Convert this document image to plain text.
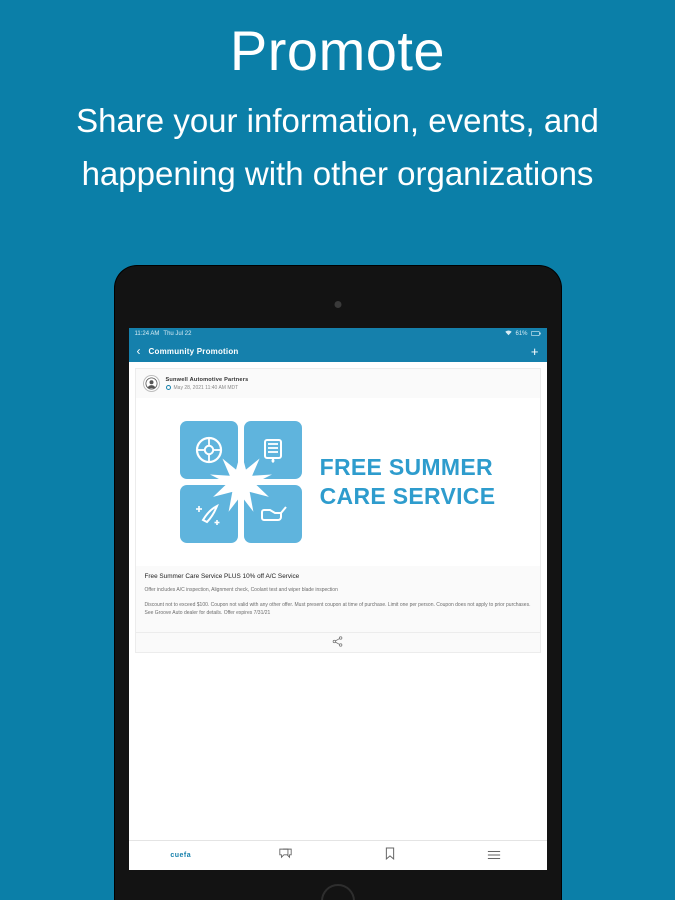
Promote
Share your information, events, and happening with other organizations
11:24 AM Thu Jul 22	61%
‹ Community Promotion	+
Sunwell Automotive Partners
May 28, 2021 11:40 AM MDT
FREE SUMMER
CARE SERVICE
Free Summer Care Service PLUS 10% off A/C Service
Offer includes A/C inspection, Alignment check, Coolant test and wiper blade inspection
Discount not to exceed $100. Coupon not valid with any other offer. Must present coupon at time of purchase. Limit one per person. Coupon does not apply to prior purchases. See Groove Auto dealer for details. Offer expires 7/31/21
cuefa
